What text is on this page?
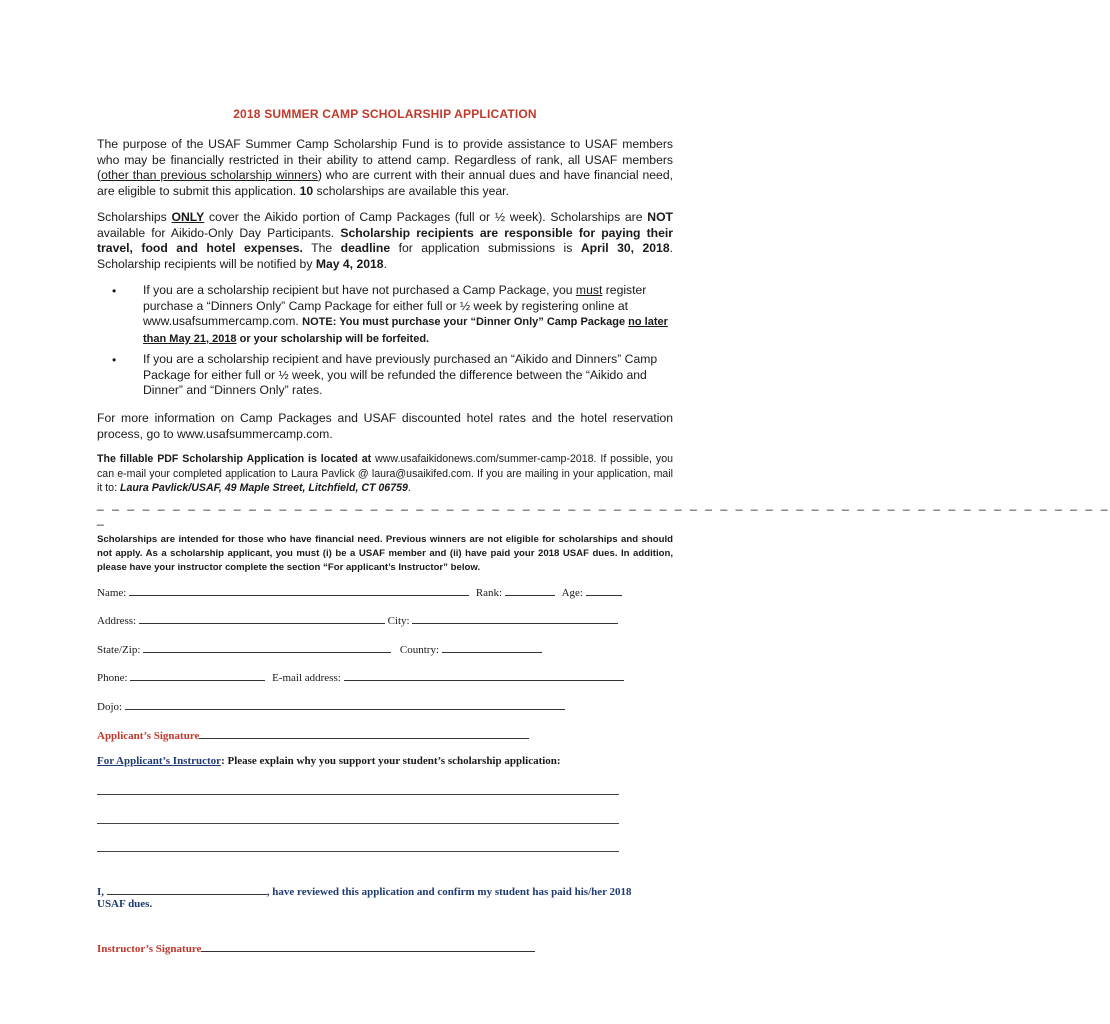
2018 SUMMER CAMP SCHOLARSHIP APPLICATION
The purpose of the USAF Summer Camp Scholarship Fund is to provide assistance to USAF members who may be financially restricted in their ability to attend camp. Regardless of rank, all USAF members (other than previous scholarship winners) who are current with their annual dues and have financial need, are eligible to submit this application. 10 scholarships are available this year.
Scholarships ONLY cover the Aikido portion of Camp Packages (full or ½ week). Scholarships are NOT available for Aikido-Only Day Participants. Scholarship recipients are responsible for paying their travel, food and hotel expenses. The deadline for application submissions is April 30, 2018. Scholarship recipients will be notified by May 4, 2018.
• If you are a scholarship recipient but have not purchased a Camp Package, you must register purchase a “Dinners Only” Camp Package for either full or ½ week by registering online at www.usafsummercamp.com. NOTE: You must purchase your “Dinner Only” Camp Package no later than May 21, 2018 or your scholarship will be forfeited.
• If you are a scholarship recipient and have previously purchased an “Aikido and Dinners” Camp Package for either full or ½ week, you will be refunded the difference between the “Aikido and Dinner” and “Dinners Only” rates.
For more information on Camp Packages and USAF discounted hotel rates and the hotel reservation process, go to www.usafsummercamp.com.
The fillable PDF Scholarship Application is located at www.usafaikidonews.com/summer-camp-2018. If possible, you can e-mail your completed application to Laura Pavlick @ laura@usaikifed.com. If you are mailing in your application, mail it to: Laura Pavlick/USAF, 49 Maple Street, Litchfield, CT 06759.
_ _ _ _ _ _ _ _ _ _ _ _ _ _ _ _ _ _ _ _ _ _ _ _ _ _ _ _ _ _ _ _ _ _ _ _ _ _ _ _ _ _ _ _ _ _ _ _ _ _ _ _ _ _ _ _ _ _ _ _ _ _ _ _ _ _ _
_
Scholarships are intended for those who have financial need. Previous winners are not eligible for scholarships and should not apply. As a scholarship applicant, you must (i) be a USAF member and (ii) have paid your 2018 USAF dues. In addition, please have your instructor complete the section “For applicant’s Instructor” below.
Name:	Rank:	Age:
Address:	City:
State/Zip:	Country:
Phone:	E-mail address:
Dojo:
Applicant’s Signature
For Applicant’s Instructor: Please explain why you support your student’s scholarship application:
I,	, have reviewed this application and confirm my student has paid his/her 2018
USAF dues.
Instructor’s Signature
